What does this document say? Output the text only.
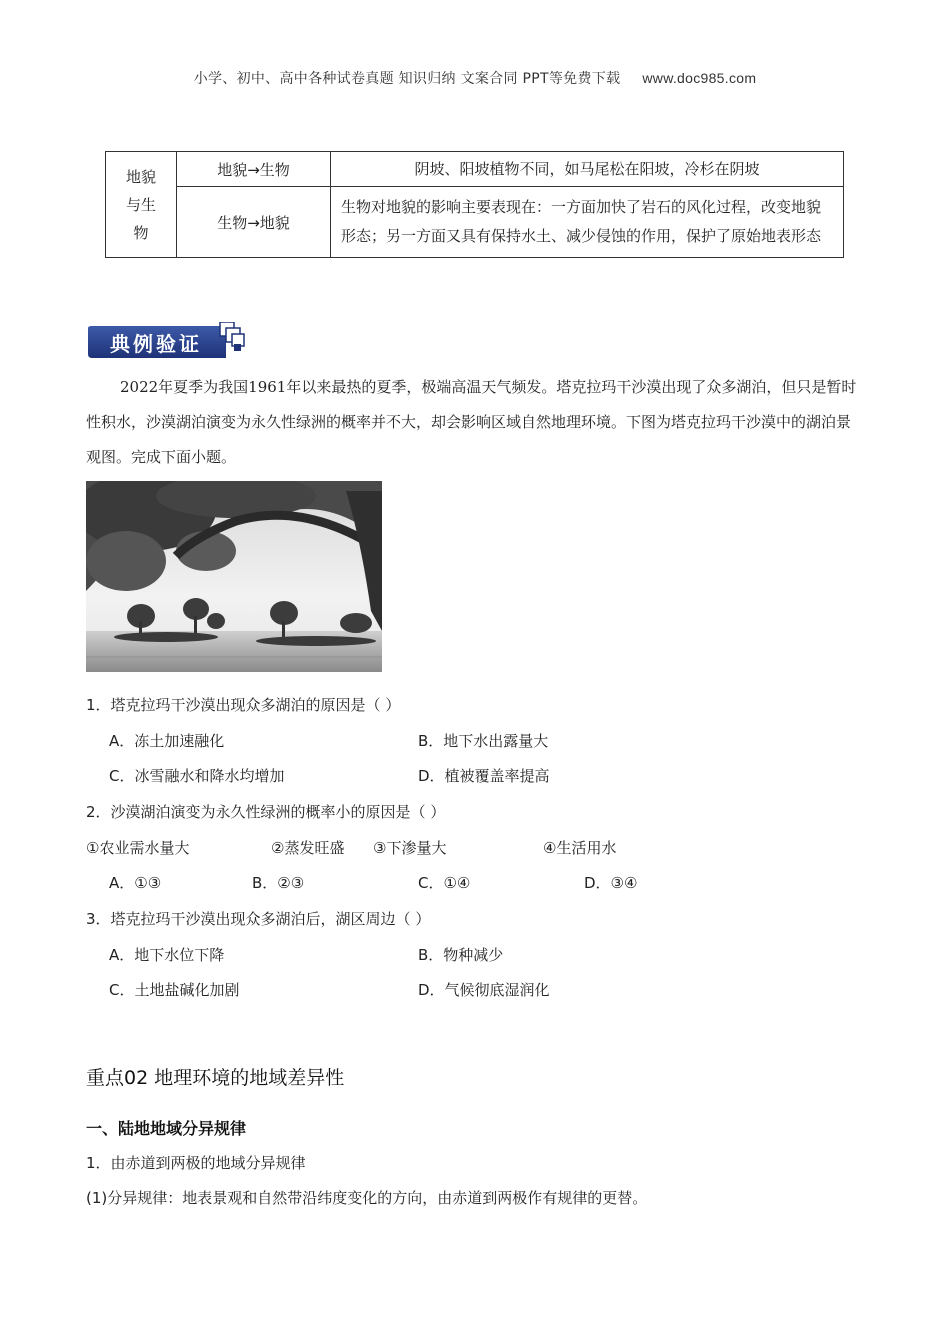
小学、初中、高中各种试卷真题 知识归纳 文案合同 PPT等免费下载 www.doc985.com
地貌与生物	地貌→生物	阴坡、阳坡植物不同，如马尾松在阳坡，冷杉在阴坡
	生物→地貌	生物对地貌的影响主要表现在：一方面加快了岩石的风化过程，改变地貌形态；另一方面又具有保持水土、减少侵蚀的作用，保护了原始地表形态
典例验证
2022年夏季为我国1961年以来最热的夏季，极端高温天气频发。塔克拉玛干沙漠出现了众多湖泊，但只是暂时性积水，沙漠湖泊演变为永久性绿洲的概率并不大，却会影响区域自然地理环境。下图为塔克拉玛干沙漠中的湖泊景观图。完成下面小题。
1．塔克拉玛干沙漠出现众多湖泊的原因是（ ）
A．冻土加速融化	B．地下水出露量大
C．冰雪融水和降水均增加	D．植被覆盖率提高
2．沙漠湖泊演变为永久性绿洲的概率小的原因是（ ）
①农业需水量大	②蒸发旺盛 ③下渗量大	④生活用水
A．①③	B．②③	C．①④	D．③④
3．塔克拉玛干沙漠出现众多湖泊后，湖区周边（ ）
A．地下水位下降	B．物种减少
C．土地盐碱化加剧	D．气候彻底湿润化
重点02 地理环境的地域差异性
一、陆地地域分异规律
1．由赤道到两极的地域分异规律
(1)分异规律：地表景观和自然带沿纬度变化的方向，由赤道到两极作有规律的更替。
